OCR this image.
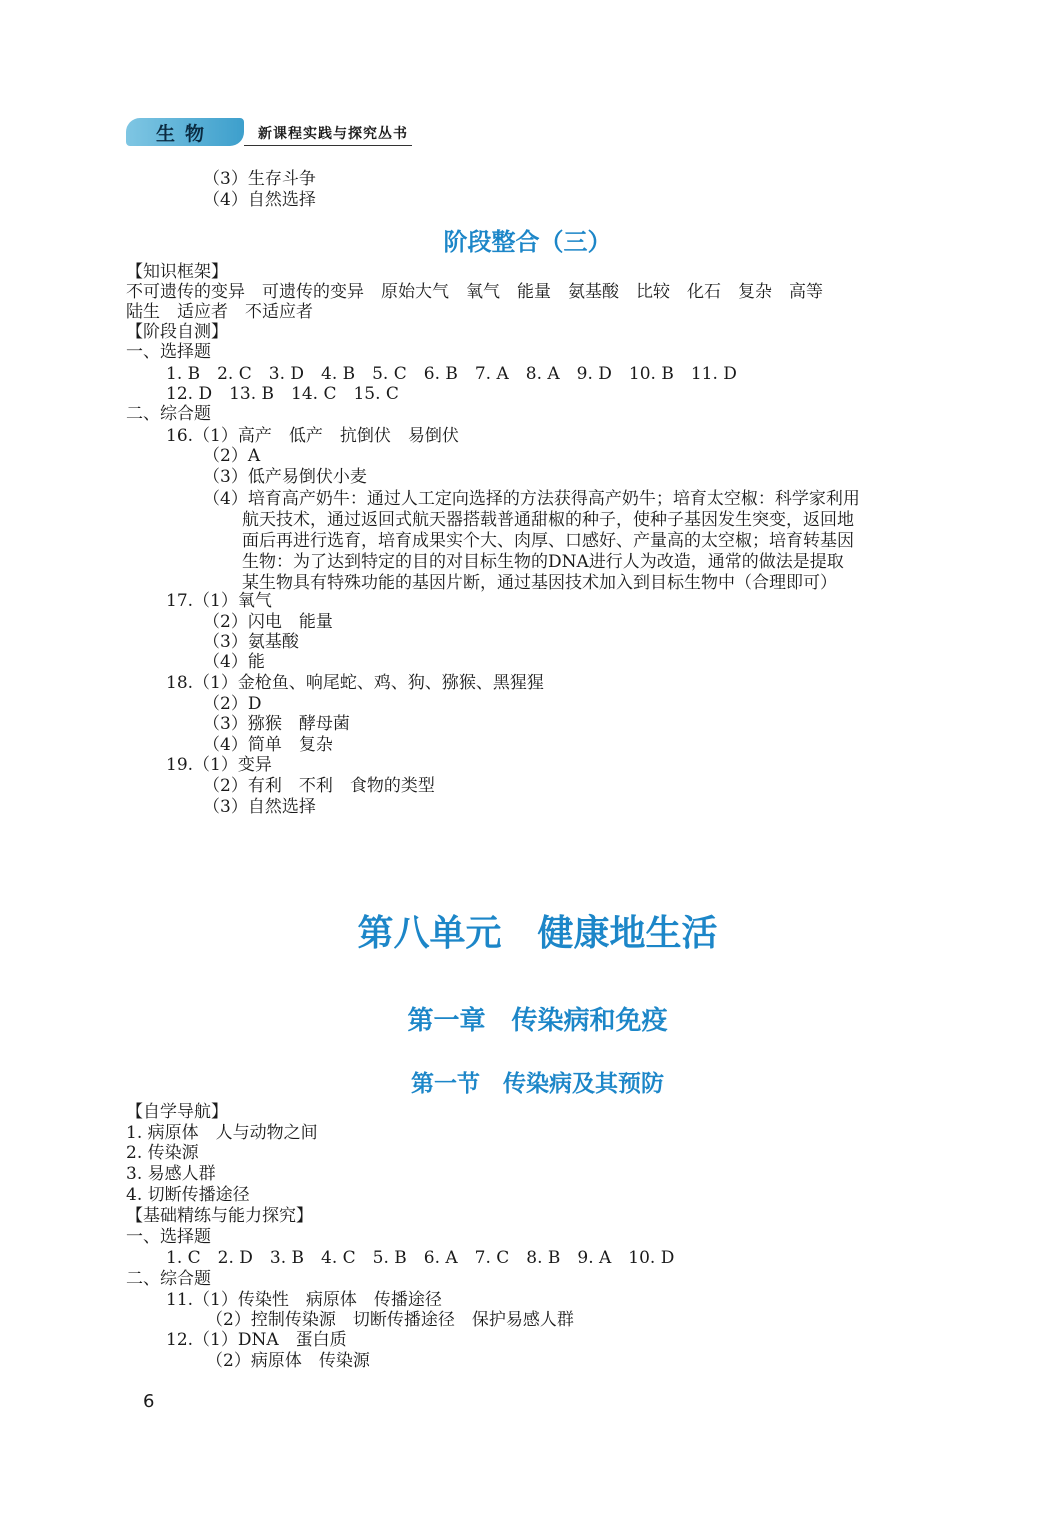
生物	新课程实践与探究丛书
（3）生存斗争
（4）自然选择
阶段整合（三）
【知识框架】
不可遗传的变异　可遗传的变异　原始大气　氧气　能量　氨基酸　比较　化石　复杂　高等
陆生　适应者　不适应者
【阶段自测】
一、选择题
1. B　2. C　3. D　4. B　5. C　6. B　7. A　8. A　9. D　10. B　11. D
12. D　13. B　14. C　15. C
二、综合题
16.（1）高产　低产　抗倒伏　易倒伏
（2）A
（3）低产易倒伏小麦
（4）培育高产奶牛：通过人工定向选择的方法获得高产奶牛；培育太空椒：科学家利用
航天技术，通过返回式航天器搭载普通甜椒的种子，使种子基因发生突变，返回地
面后再进行选育，培育成果实个大、肉厚、口感好、产量高的太空椒；培育转基因
生物：为了达到特定的目的对目标生物的DNA进行人为改造，通常的做法是提取
某生物具有特殊功能的基因片断，通过基因技术加入到目标生物中（合理即可）
17.（1）氧气
（2）闪电　能量
（3）氨基酸
（4）能
18.（1）金枪鱼、响尾蛇、鸡、狗、猕猴、黑猩猩
（2）D
（3）猕猴　酵母菌
（4）简单　复杂
19.（1）变异
（2）有利　不利　食物的类型
（3）自然选择
第八单元　健康地生活
第一章　传染病和免疫
第一节　传染病及其预防
【自学导航】
1. 病原体　人与动物之间
2. 传染源
3. 易感人群
4. 切断传播途径
【基础精练与能力探究】
一、选择题
1. C　2. D　3. B　4. C　5. B　6. A　7. C　8. B　9. A　10. D
二、综合题
11.（1）传染性　病原体　传播途径
（2）控制传染源　切断传播途径　保护易感人群
12.（1）DNA　蛋白质
（2）病原体　传染源
6
